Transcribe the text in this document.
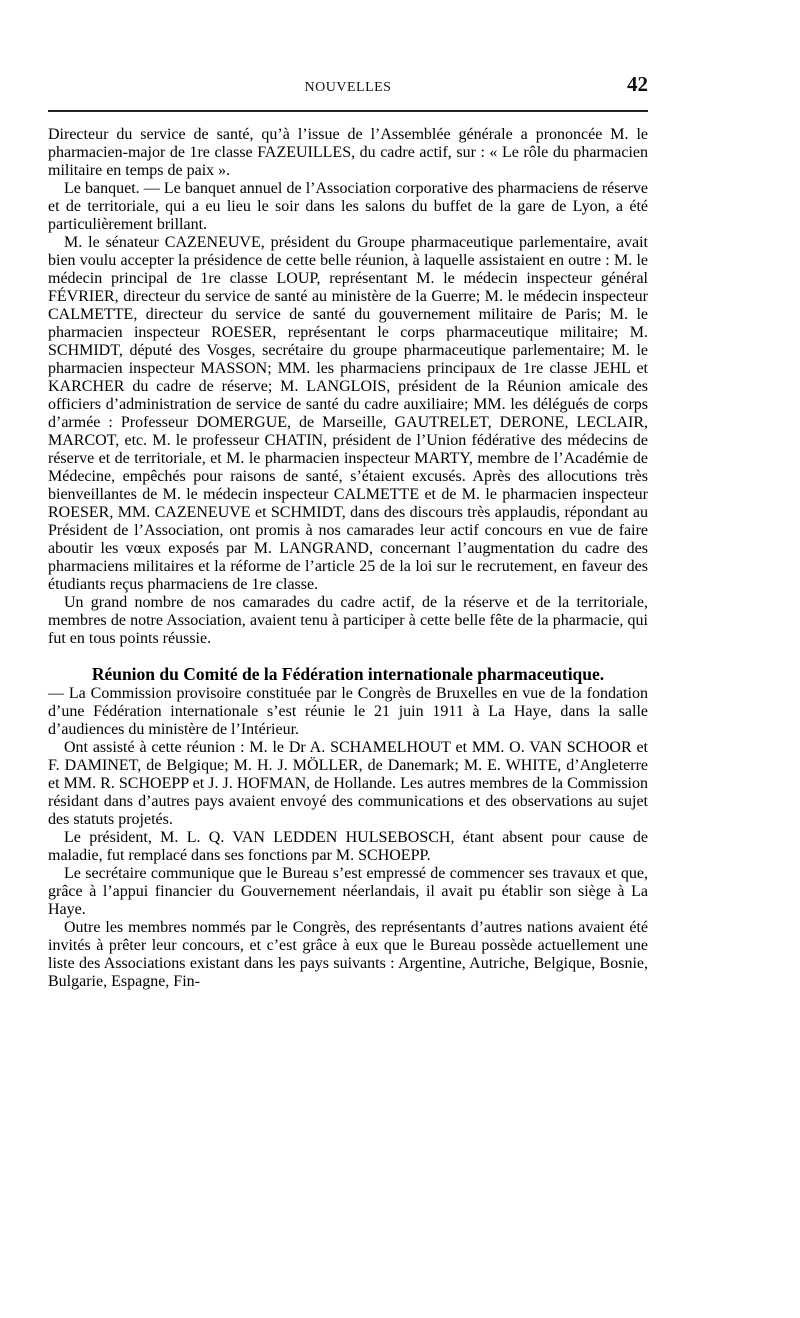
NOUVELLES	42

Directeur du service de santé, qu’à l’issue de l’Assemblée générale a prononcée M. le pharmacien-major de 1re classe FAZEUILLES, du cadre actif, sur : « Le rôle du pharmacien militaire en temps de paix ».

Le banquet. — Le banquet annuel de l’Association corporative des pharmaciens de réserve et de territoriale, qui a eu lieu le soir dans les salons du buffet de la gare de Lyon, a été particulièrement brillant.

M. le sénateur CAZENEUVE, président du Groupe pharmaceutique parlementaire, avait bien voulu accepter la présidence de cette belle réunion, à laquelle assistaient en outre : M. le médecin principal de 1re classe LOUP, représentant M. le médecin inspecteur général FÉVRIER, directeur du service de santé au ministère de la Guerre; M. le médecin inspecteur CALMETTE, directeur du service de santé du gouvernement militaire de Paris; M. le pharmacien inspecteur ROESER, représentant le corps pharmaceutique militaire; M. SCHMIDT, député des Vosges, secrétaire du groupe pharmaceutique parlementaire; M. le pharmacien inspecteur MASSON; MM. les pharmaciens principaux de 1re classe JEHL et KARCHER du cadre de réserve; M. LANGLOIS, président de la Réunion amicale des officiers d’administration de service de santé du cadre auxiliaire; MM. les délégués de corps d’armée : Professeur DOMERGUE, de Marseille, GAUTRELET, DERONE, LECLAIR, MARCOT, etc. M. le professeur CHATIN, président de l’Union fédérative des médecins de réserve et de territoriale, et M. le pharmacien inspecteur MARTY, membre de l’Académie de Médecine, empêchés pour raisons de santé, s’étaient excusés. Après des allocutions très bienveillantes de M. le médecin inspecteur CALMETTE et de M. le pharmacien inspecteur ROESER, MM. CAZENEUVE et SCHMIDT, dans des discours très applaudis, répondant au Président de l’Association, ont promis à nos camarades leur actif concours en vue de faire aboutir les vœux exposés par M. LANGRAND, concernant l’augmentation du cadre des pharmaciens militaires et la réforme de l’article 25 de la loi sur le recrutement, en faveur des étudiants reçus pharmaciens de 1re classe.

Un grand nombre de nos camarades du cadre actif, de la réserve et de la territoriale, membres de notre Association, avaient tenu à participer à cette belle fête de la pharmacie, qui fut en tous points réussie.

Réunion du Comité de la Fédération internationale pharmaceutique.

— La Commission provisoire constituée par le Congrès de Bruxelles en vue de la fondation d’une Fédération internationale s’est réunie le 21 juin 1911 à La Haye, dans la salle d’audiences du ministère de l’Intérieur.

Ont assisté à cette réunion : M. le Dr A. SCHAMELHOUT et MM. O. VAN SCHOOR et F. DAMINET, de Belgique; M. H. J. MÖLLER, de Danemark; M. E. WHITE, d’Angleterre et MM. R. SCHOEPP et J. J. HOFMAN, de Hollande. Les autres membres de la Commission résidant dans d’autres pays avaient envoyé des communications et des observations au sujet des statuts projetés.

Le président, M. L. Q. VAN LEDDEN HULSEBOSCH, étant absent pour cause de maladie, fut remplacé dans ses fonctions par M. SCHOEPP.

Le secrétaire communique que le Bureau s’est empressé de commencer ses travaux et que, grâce à l’appui financier du Gouvernement néerlandais, il avait pu établir son siège à La Haye.

Outre les membres nommés par le Congrès, des représentants d’autres nations avaient été invités à prêter leur concours, et c’est grâce à eux que le Bureau possède actuellement une liste des Associations existant dans les pays suivants : Argentine, Autriche, Belgique, Bosnie, Bulgarie, Espagne, Fin-
